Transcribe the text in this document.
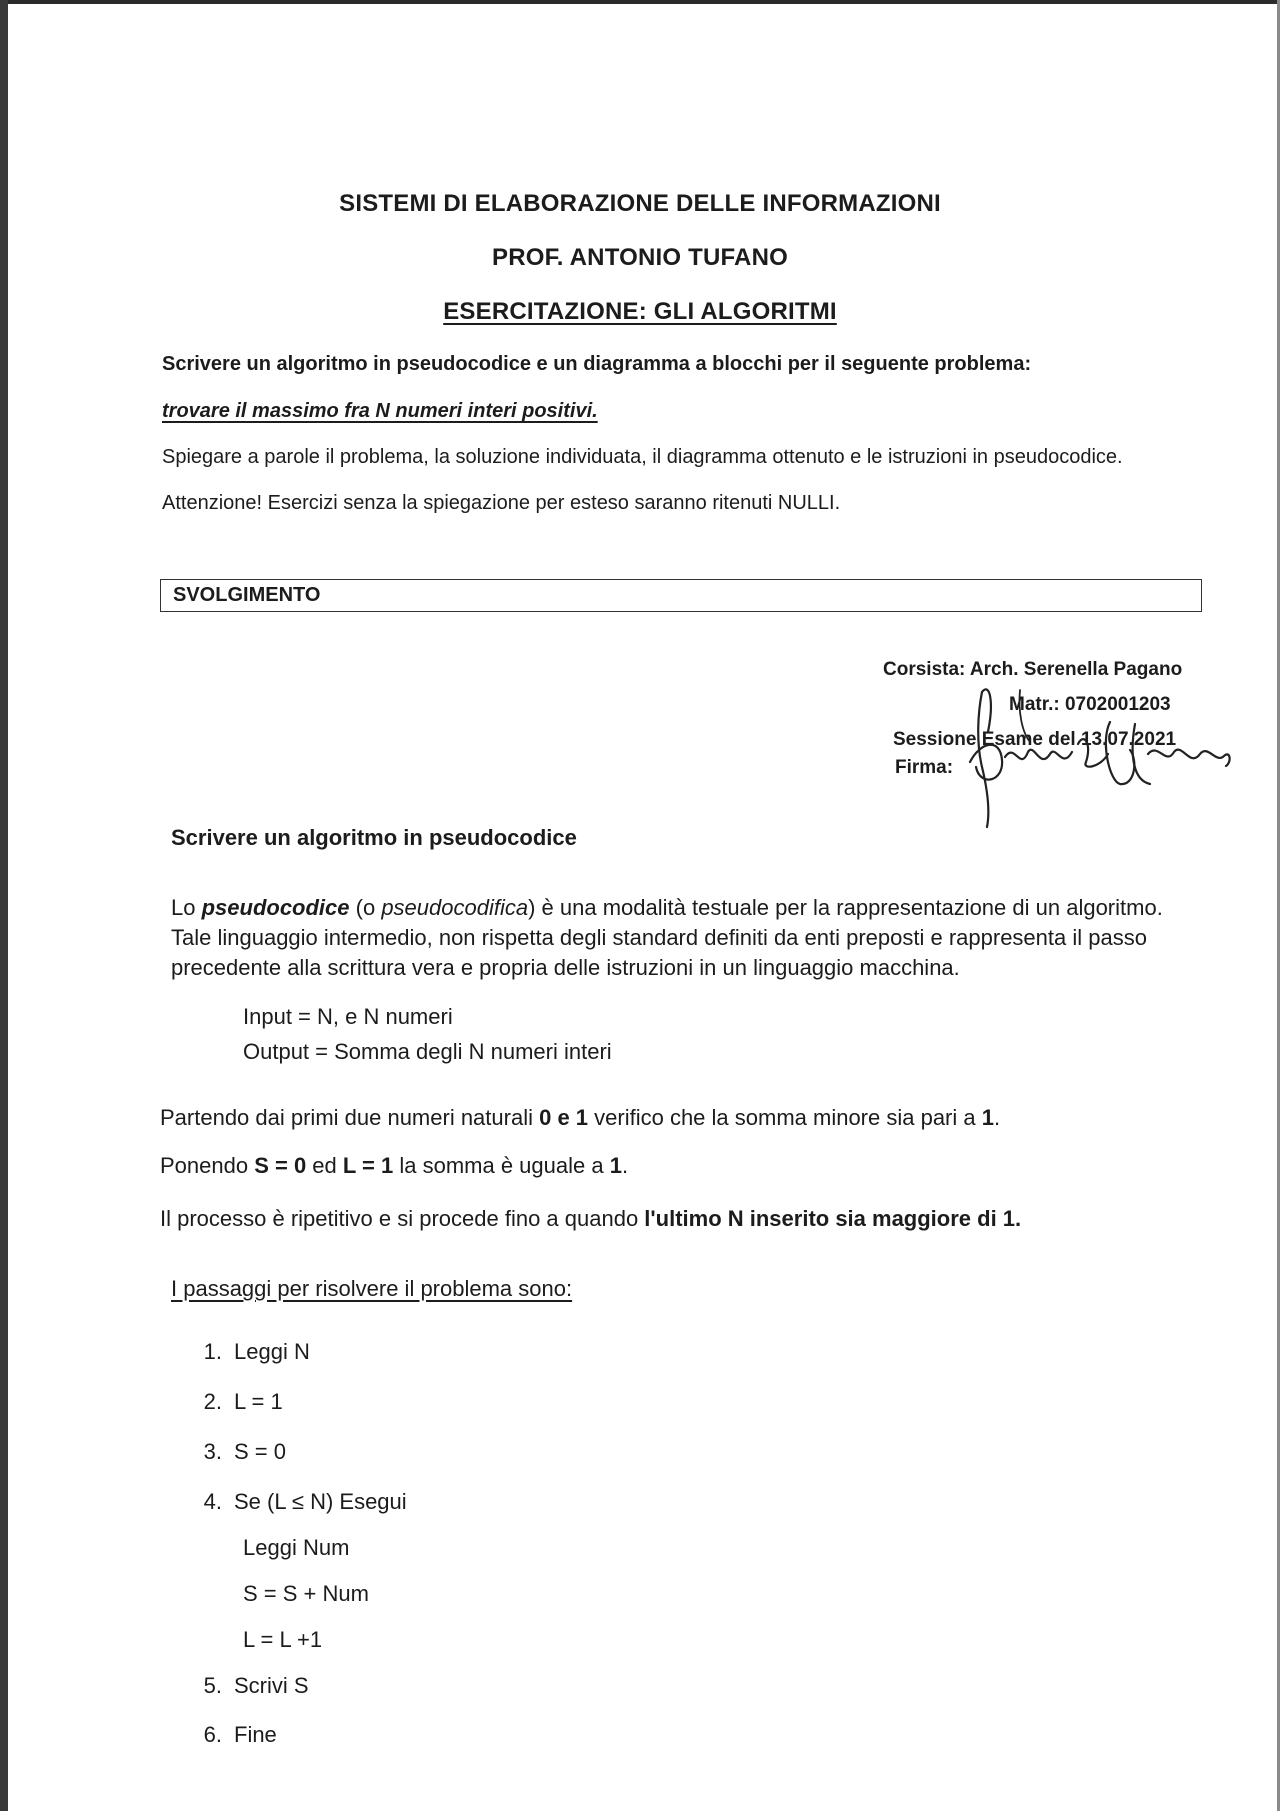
SISTEMI DI ELABORAZIONE DELLE INFORMAZIONI
PROF. ANTONIO TUFANO
ESERCITAZIONE: GLI ALGORITMI
Scrivere un algoritmo in pseudocodice e un diagramma a blocchi per il seguente problema:
trovare il massimo fra N numeri interi positivi.
Spiegare a parole il problema, la soluzione individuata, il diagramma ottenuto e le istruzioni in pseudocodice.
Attenzione! Esercizi senza la spiegazione per esteso saranno ritenuti NULLI.
SVOLGIMENTO
Corsista: Arch. Serenella Pagano
Matr.: 0702001203
Sessione Esame del 13.07.2021
Firma:
Scrivere un algoritmo in pseudocodice
Lo pseudocodice (o pseudocodifica) è una modalità testuale per la rappresentazione di un algoritmo.
Tale linguaggio intermedio, non rispetta degli standard definiti da enti preposti e rappresenta il passo
precedente alla scrittura vera e propria delle istruzioni in un linguaggio macchina.
Input = N, e N numeri
Output = Somma degli N numeri interi
Partendo dai primi due numeri naturali 0 e 1 verifico che la somma minore sia pari a 1.
Ponendo S = 0 ed L = 1 la somma è uguale a 1.
Il processo è ripetitivo e si procede fino a quando l'ultimo N inserito sia maggiore di 1.
I passaggi per risolvere il problema sono:
1. Leggi N
2. L = 1
3. S = 0
4. Se (L ≤ N) Esegui
Leggi Num
S = S + Num
L = L +1
5. Scrivi S
6. Fine
